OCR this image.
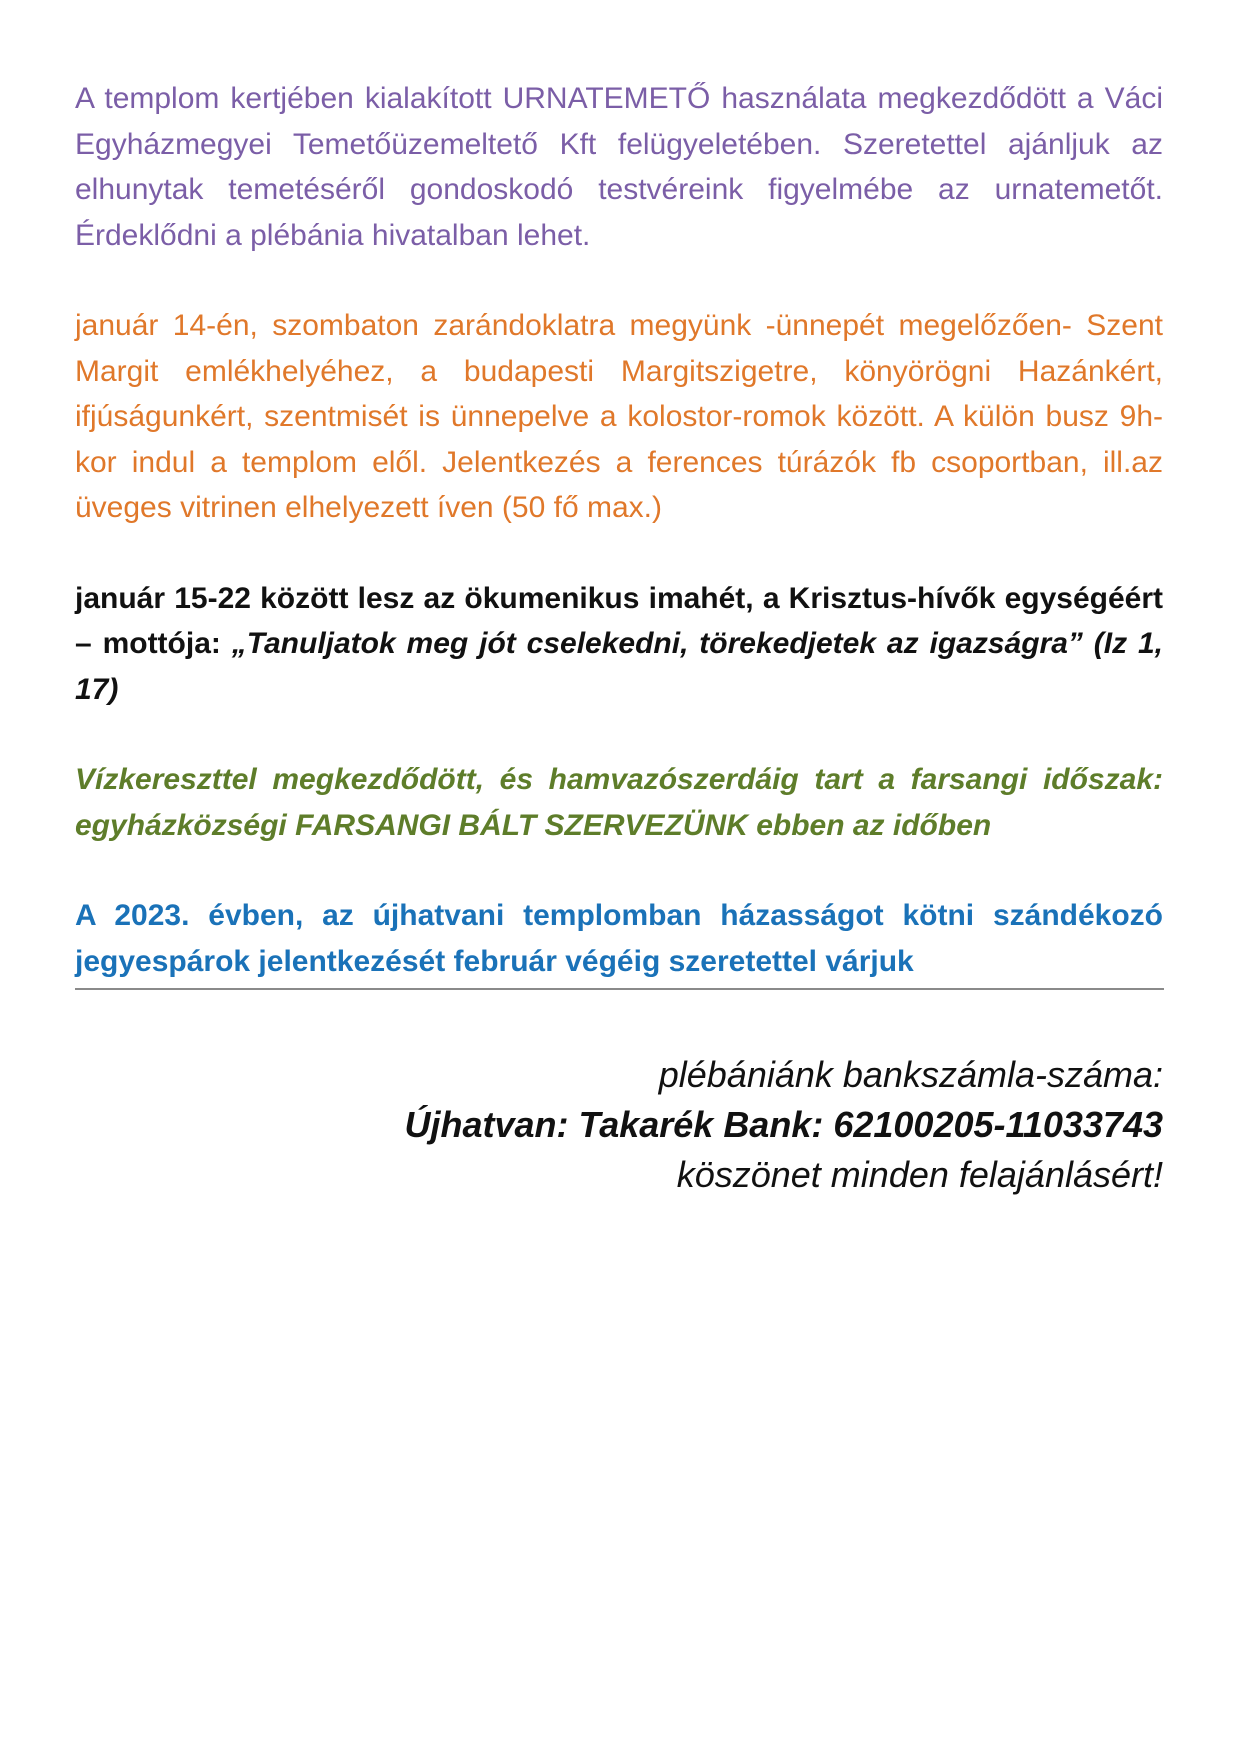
A templom kertjében kialakított URNATEMETŐ használata megkezdődött a Váci Egyházmegyei Temetőüzemeltető Kft felügyeletében. Szeretettel ajánljuk az elhunytak temetéséről gondoskodó testvéreink figyelmébe az urnatemetőt. Érdeklődni a plébánia hivatalban lehet.

január 14-én, szombaton zarándoklatra megyünk -ünnepét megelőzően- Szent Margit emlékhelyéhez, a budapesti Margitszigetre, könyörögni Hazánkért, ifjúságunkért, szentmisét is ünnepelve a kolostor-romok között. A külön busz 9h-kor indul a templom elől. Jelentkezés a ferences túrázók fb csoportban, ill.az üveges vitrinen elhelyezett íven (50 fő max.)

január 15-22 között lesz az ökumenikus imahét, a Krisztus-hívők egységéért – mottója: „Tanuljatok meg jót cselekedni, törekedjetek az igazságra” (Iz 1, 17)

Vízkereszttel megkezdődött, és hamvazószerdáig tart a farsangi időszak: egyházközségi FARSANGI BÁLT SZERVEZÜNK ebben az időben

A 2023. évben, az újhatvani templomban házasságot kötni szándékozó jegyespárok jelentkezését február végéig szeretettel várjuk

plébániánk bankszámla-száma:
Újhatvan: Takarék Bank: 62100205-11033743
köszönet minden felajánlásért!
